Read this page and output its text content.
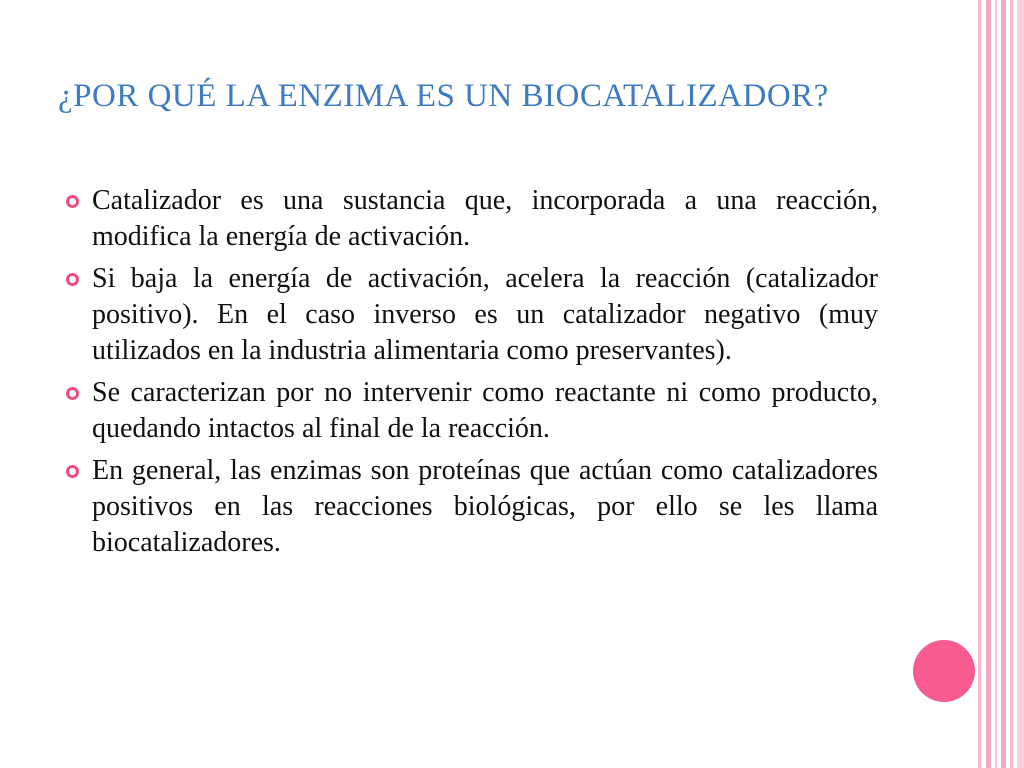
¿POR QUÉ LA ENZIMA ES UN BIOCATALIZADOR?
Catalizador es una sustancia que, incorporada a una reacción, modifica la energía de activación.
Si baja la energía de activación, acelera la reacción (catalizador positivo). En el caso inverso es un catalizador negativo (muy utilizados en la industria alimentaria como preservantes).
Se caracterizan por no intervenir como reactante ni como producto, quedando intactos al final de la reacción.
En general, las enzimas son proteínas que actúan como catalizadores positivos en las reacciones biológicas, por ello se les llama biocatalizadores.
